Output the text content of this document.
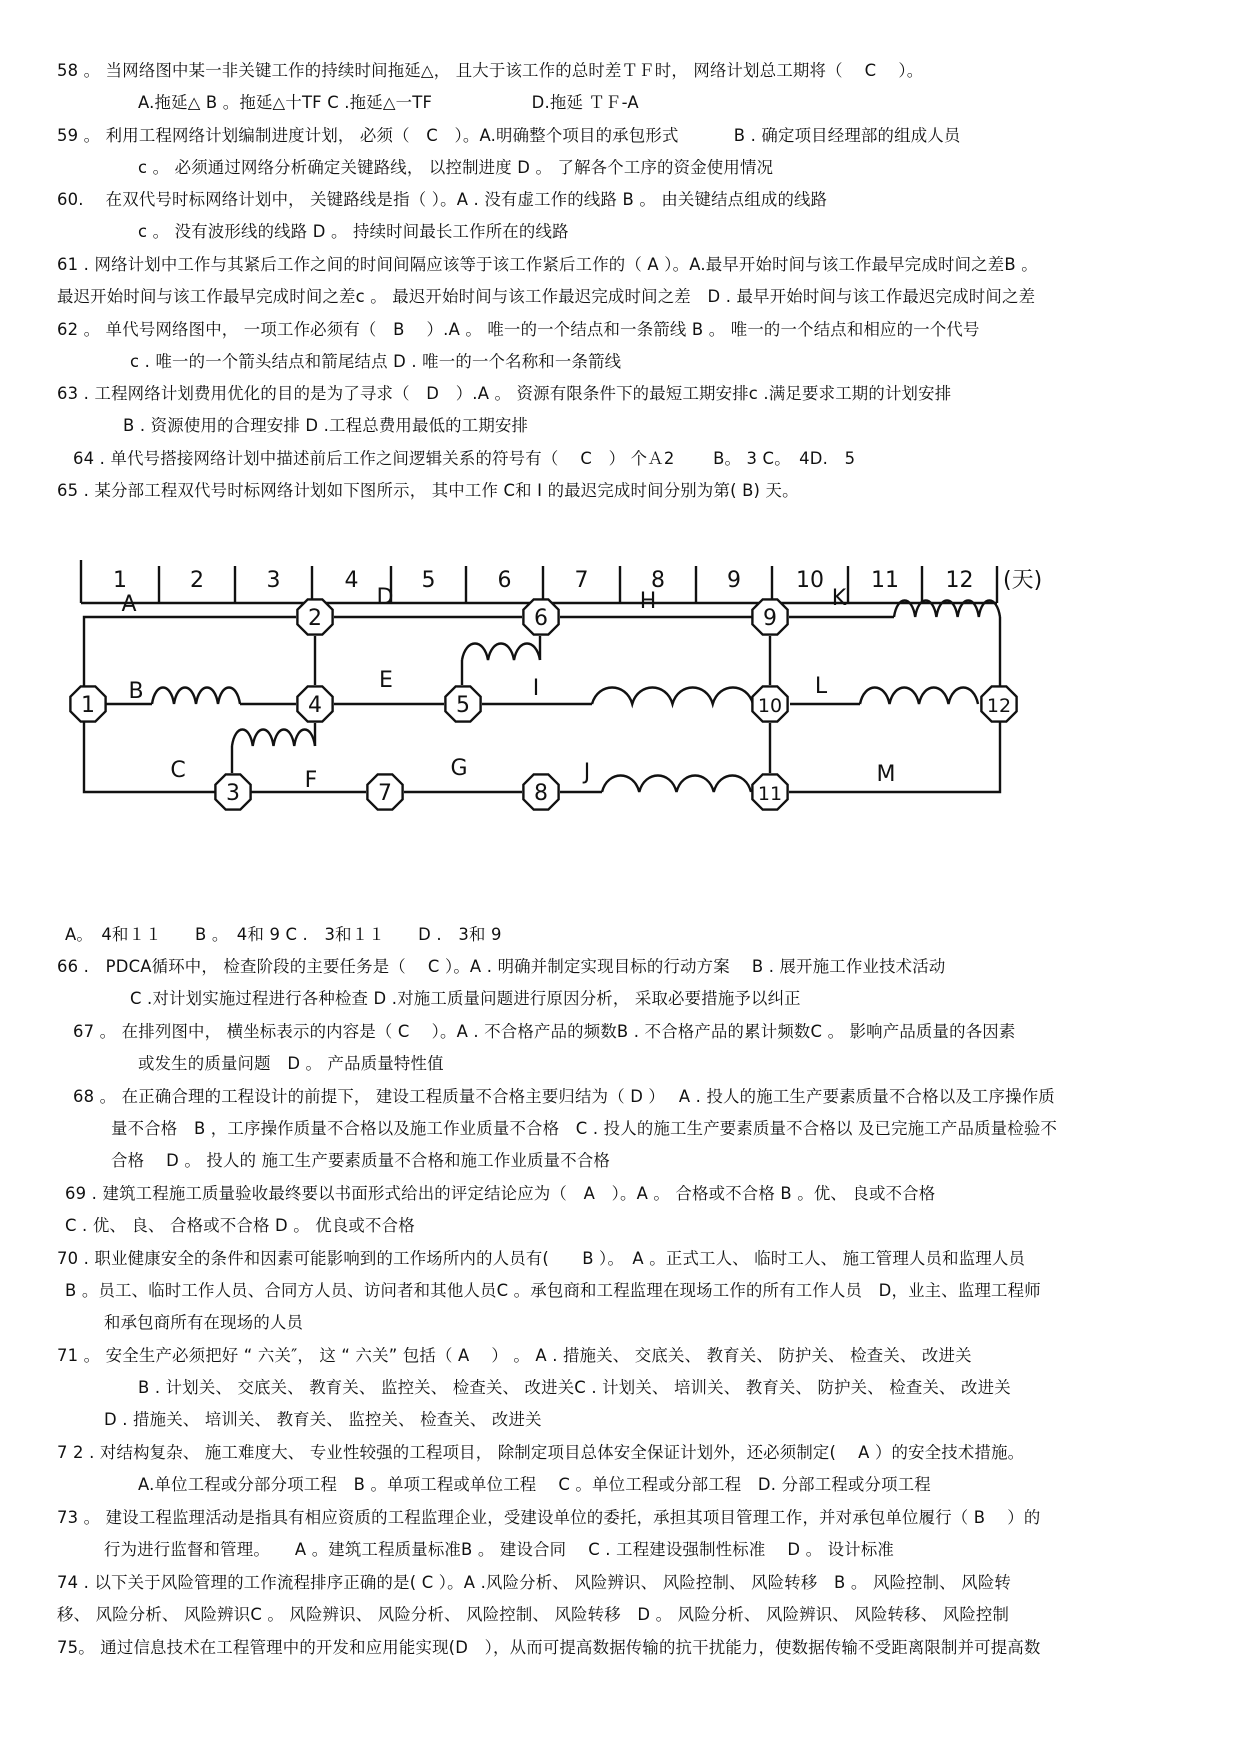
58 。 当网络图中某一非关键工作的持续时间拖延△， 且大于该工作的总时差ＴＦ时， 网络计划总工期将（　 C 　）。
A.拖延△ B 。拖延△十TF C .拖延△一TF　　　　　　D.拖延 ＴＦ-A
59 。 利用工程网络计划编制进度计划， 必须（　C　）。A.明确整个项目的承包形式　　　 B . 确定项目经理部的组成人员
c 。 必须通过网络分析确定关键路线， 以控制进度 D 。 了解各个工序的资金使用情况
60.　 在双代号时标网络计划中， 关键路线是指（ ）。A . 没有虚工作的线路 B 。 由关键结点组成的线路
c 。 没有波形线的线路 D 。 持续时间最长工作所在的线路
61 . 网络计划中工作与其紧后工作之间的时间间隔应该等于该工作紧后工作的（ A ）。A.最早开始时间与该工作最早完成时间之差B 。
最迟开始时间与该工作最早完成时间之差c 。 最迟开始时间与该工作最迟完成时间之差　D . 最早开始时间与该工作最迟完成时间之差
62 。 单代号网络图中， 一项工作必须有（　B　 ）.A 。 唯一的一个结点和一条箭线 B 。 唯一的一个结点和相应的一个代号
c . 唯一的一个箭头结点和箭尾结点 D . 唯一的一个名称和一条箭线
63 . 工程网络计划费用优化的目的是为了寻求（　D　）.A 。 资源有限条件下的最短工期安排c .满足要求工期的计划安排
B . 资源使用的合理安排 D .工程总费用最低的工期安排
64 . 单代号搭接网络计划中描述前后工作之间逻辑关系的符号有（　 C　） 个Ａ2　　 B。 3 C。　4D.　5
65 . 某分部工程双代号时标网络计划如下图所示， 其中工作 C和 I 的最迟完成时间分别为第( B) 天。
1	2	3	4	5	6	7	8	9	10 11 12 (天)
A
B
C
D
E
F	G
H
I
J
K
L
M
1
2
3
4	5
6
7	8
9
10
11
12
A。　4和１１　　B 。　4和 9 C .　3和１１　　D .　3和 9
66 .　PDCA循环中， 检查阶段的主要任务是（　 C ）。A . 明确并制定实现目标的行动方案　 B . 展开施工作业技术活动
C .对计划实施过程进行各种检查 D .对施工质量问题进行原因分析， 采取必要措施予以纠正
67 。 在排列图中， 横坐标表示的内容是（ C　 ）。A . 不合格产品的频数B . 不合格产品的累计频数C 。 影响产品质量的各因素
或发生的质量问题　D 。 产品质量特性值
68 。 在正确合理的工程设计的前提下， 建设工程质量不合格主要归结为（ D ）　 A . 投人的施工生产要素质量不合格以及工序操作质
量不合格　B ，工序操作质量不合格以及施工作业质量不合格　C . 投人的施工生产要素质量不合格以 及已完施工产品质量检验不
合格　 D 。 投人的 施工生产要素质量不合格和施工作业质量不合格
69 . 建筑工程施工质量验收最终要以书面形式给出的评定结论应为（　A　）。A 。 合格或不合格 B 。优、 良或不合格
C . 优、 良、 合格或不合格 D 。 优良或不合格
70 . 职业健康安全的条件和因素可能影响到的工作场所内的人员有(　　B ）。　A 。正式工人、 临时工人、 施工管理人员和监理人员
B 。员工、临时工作人员、合同方人员、访问者和其他人员C 。承包商和工程监理在现场工作的所有工作人员　D，业主、监理工程师
和承包商所有在现场的人员
71 。 安全生产必须把好 “ 六关″， 这 “ 六关” 包括（ A　 ） 。 A . 措施关、 交底关、 教育关、 防护关、 检查关、 改进关
B . 计划关、 交底关、 教育关、 监控关、 检查关、 改进关C . 计划关、 培训关、 教育关、 防护关、 检查关、 改进关
D . 措施关、 培训关、 教育关、 监控关、 检查关、 改进关
7 2 . 对结构复杂、 施工难度大、 专业性较强的工程项目， 除制定项目总体安全保证计划外，还必须制定(　 A ）的安全技术措施。
A.单位工程或分部分项工程　B 。单项工程或单位工程　 C 。单位工程或分部工程　D. 分部工程或分项工程
73 。 建设工程监理活动是指具有相应资质的工程监理企业，受建设单位的委托，承担其项目管理工作，并对承包单位履行（ B　 ）的
行为进行监督和管理。　　A 。建筑工程质量标准B 。 建设合同　 C . 工程建设强制性标准　 D 。 设计标准
74 . 以下关于风险管理的工作流程排序正确的是( C ）。A .风险分析、 风险辨识、 风险控制、 风险转移　B 。 风险控制、 风险转
移、 风险分析、 风险辨识C 。 风险辨识、 风险分析、 风险控制、 风险转移　D 。 风险分析、 风险辨识、 风险转移、 风险控制
75。 通过信息技术在工程管理中的开发和应用能实现(D　），从而可提高数据传输的抗干扰能力，使数据传输不受距离限制并可提高数
